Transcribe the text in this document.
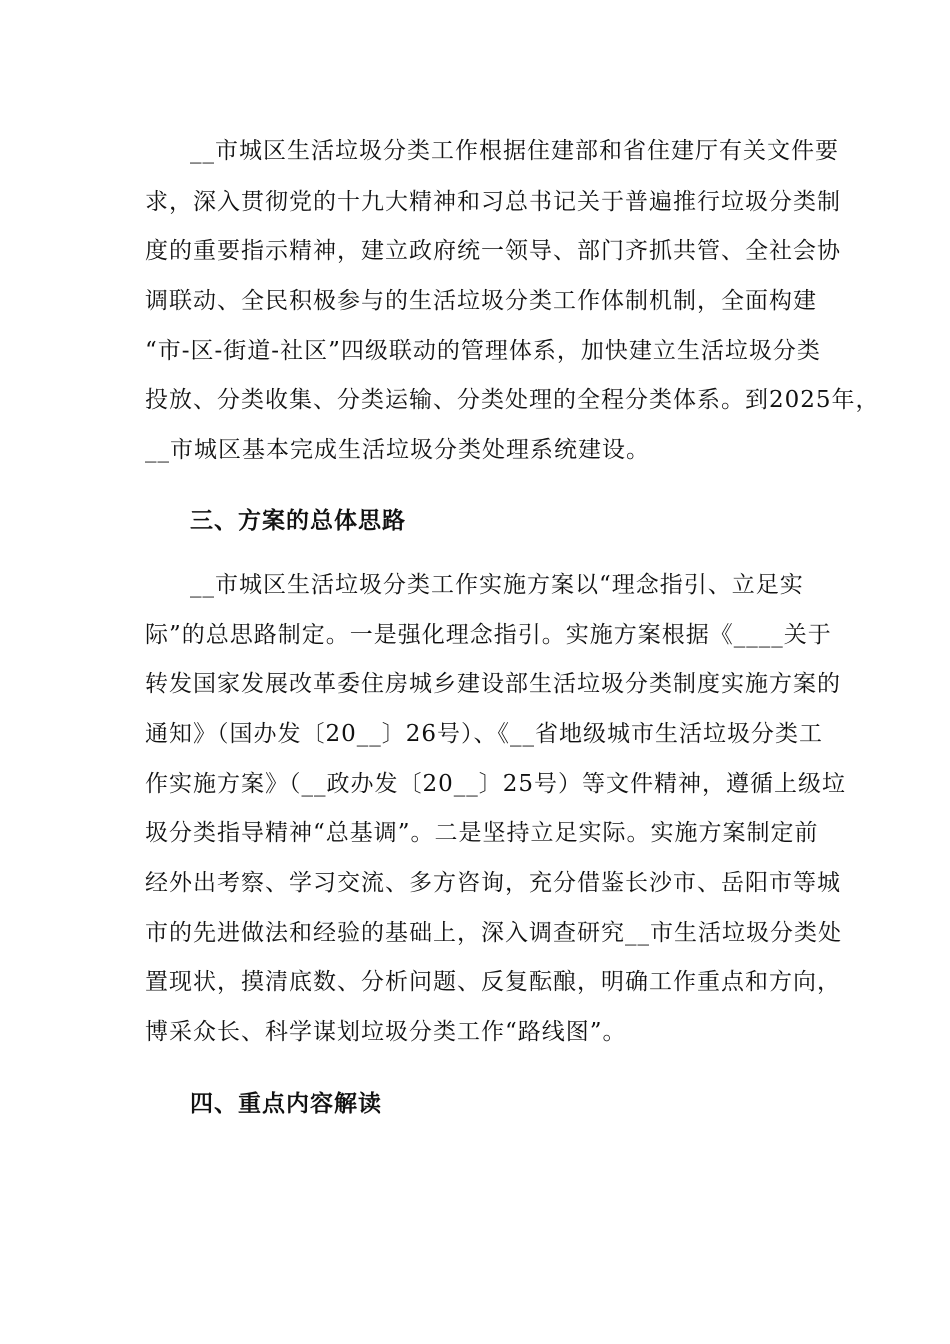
__市城区生活垃圾分类工作根据住建部和省住建厅有关文件要
求，深入贯彻党的十九大精神和习总书记关于普遍推行垃圾分类制
度的重要指示精神，建立政府统一领导、部门齐抓共管、全社会协
调联动、全民积极参与的生活垃圾分类工作体制机制，全面构建
“市-区-街道-社区”四级联动的管理体系，加快建立生活垃圾分类
投放、分类收集、分类运输、分类处理的全程分类体系。到2025年，
__市城区基本完成生活垃圾分类处理系统建设。
三、方案的总体思路
__市城区生活垃圾分类工作实施方案以“理念指引、立足实
际”的总思路制定。一是强化理念指引。实施方案根据《____关于
转发国家发展改革委住房城乡建设部生活垃圾分类制度实施方案的
通知》（国办发〔20__〕26号）、《__省地级城市生活垃圾分类工
作实施方案》（__政办发〔20__〕25号）等文件精神，遵循上级垃
圾分类指导精神“总基调”。二是坚持立足实际。实施方案制定前
经外出考察、学习交流、多方咨询，充分借鉴长沙市、岳阳市等城
市的先进做法和经验的基础上，深入调查研究__市生活垃圾分类处
置现状，摸清底数、分析问题、反复酝酿，明确工作重点和方向，
博采众长、科学谋划垃圾分类工作“路线图”。
四、重点内容解读
